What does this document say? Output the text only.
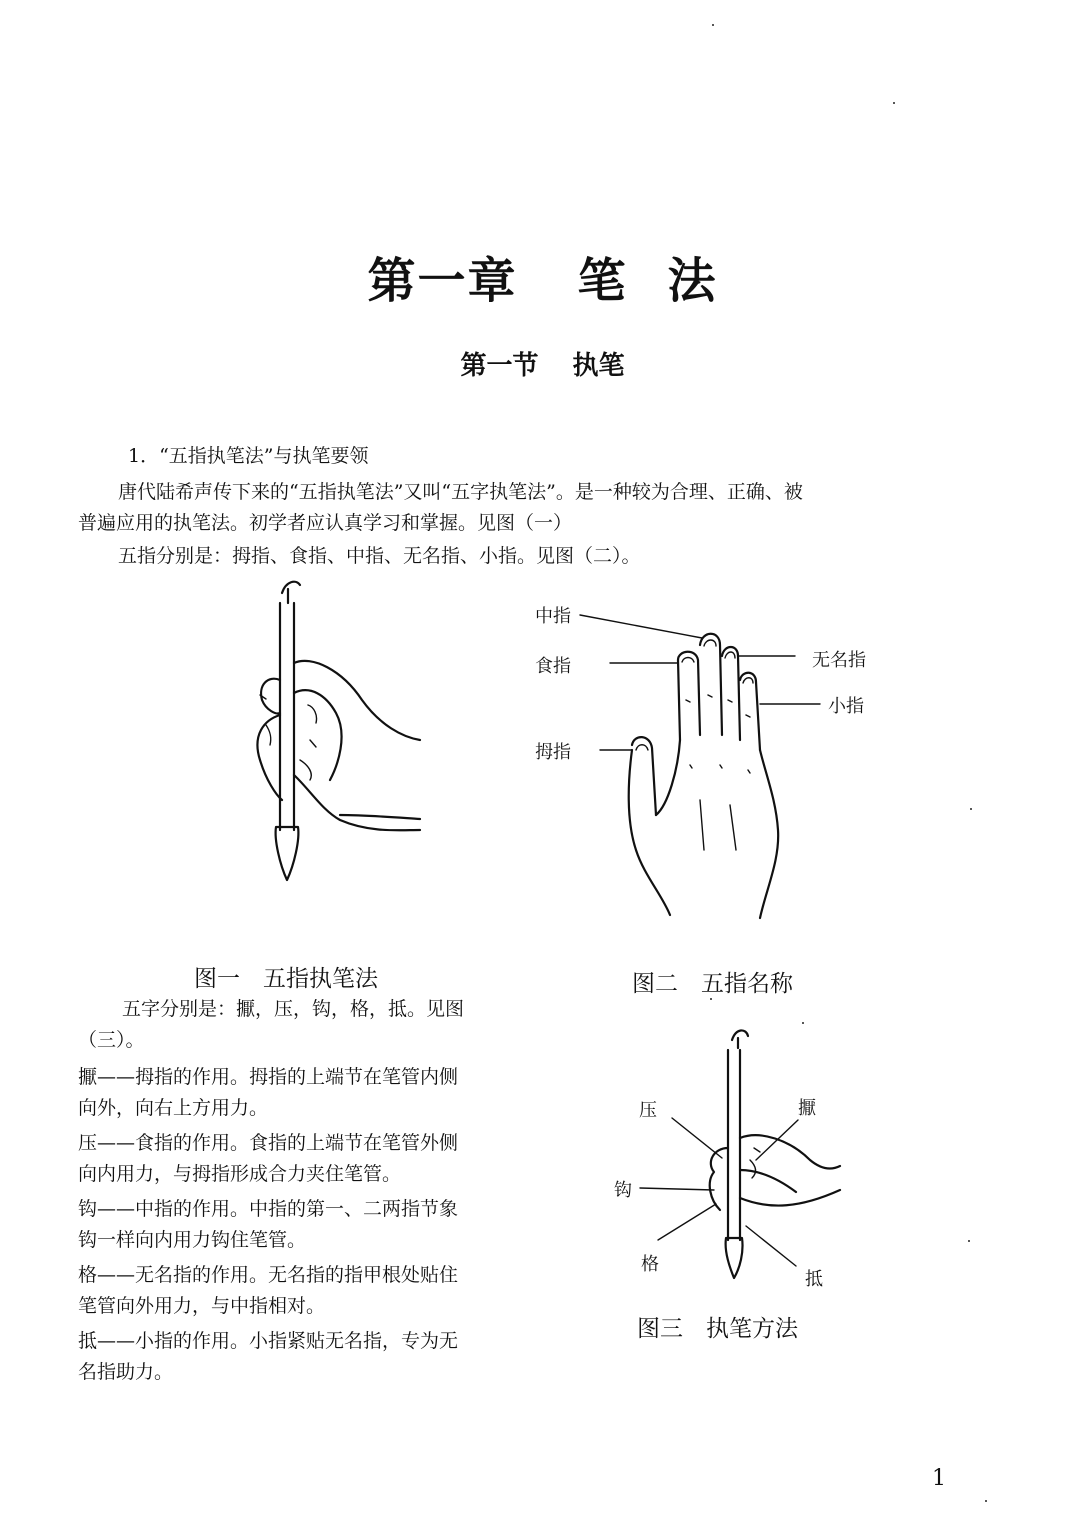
第一章 笔 法
第一节 执笔
1．“五指执笔法”与执笔要领
唐代陆希声传下来的“五指执笔法”又叫“五字执笔法”。是一种较为合理、正确、被
普遍应用的执笔法。初学者应认真学习和掌握。见图（一）
五指分别是：拇指、食指、中指、无名指、小指。见图（二）。
图一　五指执笔法
中指
食指	无名指
小指
拇指
图二　五指名称
五字分别是：擫，压，钩，格，抵。见图
（三）。
擫——拇指的作用。拇指的上端节在笔管内侧
向外，向右上方用力。
压——食指的作用。食指的上端节在笔管外侧
向内用力，与拇指形成合力夹住笔管。
钩——中指的作用。中指的第一、二两指节象
钩一样向内用力钩住笔管。
格——无名指的作用。无名指的指甲根处贴住
笔管向外用力，与中指相对。
抵——小指的作用。小指紧贴无名指，专为无
名指助力。
压	擫
钩
格
抵
图三　执笔方法
1
